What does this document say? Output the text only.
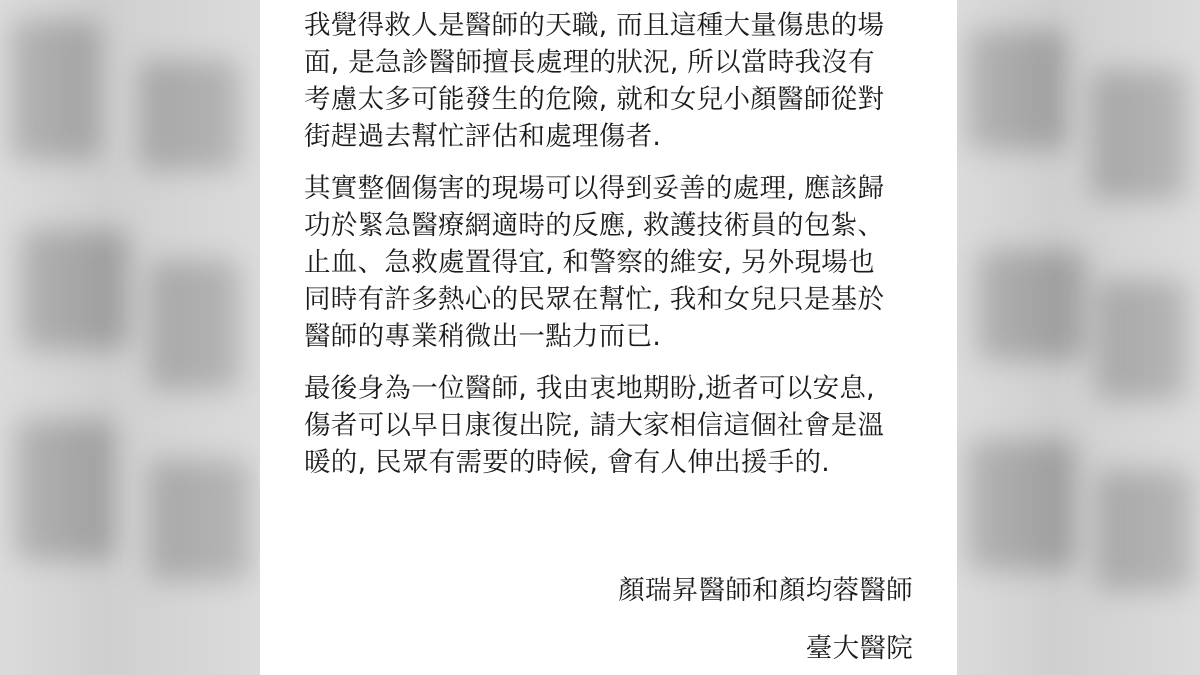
我覺得救人是醫師的天職, 而且這種大量傷患的場
面, 是急診醫師擅長處理的狀況, 所以當時我沒有
考慮太多可能發生的危險, 就和女兒小顏醫師從對
街趕過去幫忙評估和處理傷者.

其實整個傷害的現場可以得到妥善的處理, 應該歸
功於緊急醫療網適時的反應, 救護技術員的包紮、
止血、急救處置得宜, 和警察的維安, 另外現場也
同時有許多熱心的民眾在幫忙, 我和女兒只是基於
醫師的專業稍微出一點力而已.

最後身為一位醫師, 我由衷地期盼,逝者可以安息,
傷者可以早日康復出院, 請大家相信這個社會是溫
暖的, 民眾有需要的時候, 會有人伸出援手的.

顏瑞昇醫師和顏均蓉醫師
臺大醫院
